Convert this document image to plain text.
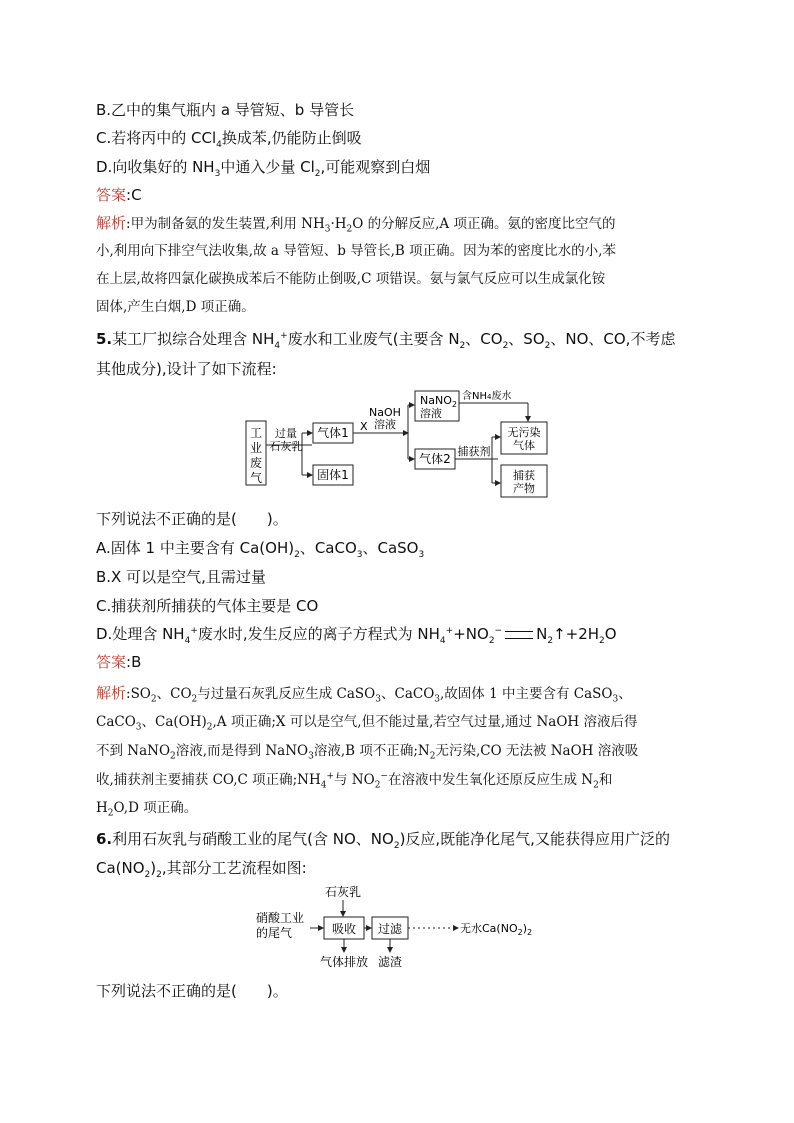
B.乙中的集气瓶内 a 导管短、b 导管长
C.若将丙中的 CCl$_4$换成苯,仍能防止倒吸
D.向收集好的 $NH_3$中通入少量 $Cl_2$,可能观察到白烟
答案:C
解析:甲为制备氨的发生装置,利用 $NH_3\cdot H_2O$ 的分解反应,A 项正确。氨的密度比空气的
小,利用向下排空气法收集,故 a 导管短、b 导管长,B 项正确。因为苯的密度比水的小,苯
在上层,故将四氯化碳换成苯后不能防止倒吸,C 项错误。氨与氯气反应可以生成氯化铵
固体,产生白烟,D 项正确。
5.某工厂拟综合处理含 $NH_4^+$废水和工业废气(主要含 $N_2$、$CO_2$、$SO_2$、NO、CO,不考虑
其他成分),设计了如下流程:
工
业
废
气
过量
石灰乳
气体1
固体1
X
NaOH
溶液
NaNO$_2$
溶液
含NH4废水
气体2
捕获剂
无污染
气体
捕获
产物
下列说法不正确的是(　　)。
A.固体 1 中主要含有 $Ca(OH)_2$、CaCO$_3$、CaSO$_3$
B.X 可以是空气,且需过量
C.捕获剂所捕获的气体主要是 CO
D.处理含 $NH_4^+$废水时,发生反应的离子方程式为 $NH_4^++NO_2^-$ $N_2↑+2H_2O$
答案:B
解析$:SO_2$、$CO_2$与过量石灰乳反应生成 CaSO$_3$、CaCO$_3$,故固体 1 中主要含有 CaSO$_3$、
CaCO$_3$、$Ca(OH)_2,A$ 项正确;X 可以是空气,但不能过量,若空气过量,通过 NaOH 溶液后得
不到 NaNO$_2$溶液,而是得到 NaNO$_3$溶液,B 项不正确$;N_2$无污染,CO 无法被 NaOH 溶液吸
收,捕获剂主要捕获 CO,C 项正确$;NH_4^+$与 $NO_2^-$在溶液中发生氧化还原反应生成 $N_2$和
$H_2O,D$ 项正确。
6.利用石灰乳与硝酸工业的尾气(含 NO、$NO_2$)反应,既能净化尾气,又能获得应用广泛的
$Ca(NO_2)_2$,其部分工艺流程如图:
石灰乳
硝酸工业
的尾气	吸收 过滤	无水$Ca(NO_2)_2$
气体排放 滤渣
下列说法不正确的是(　　)。
